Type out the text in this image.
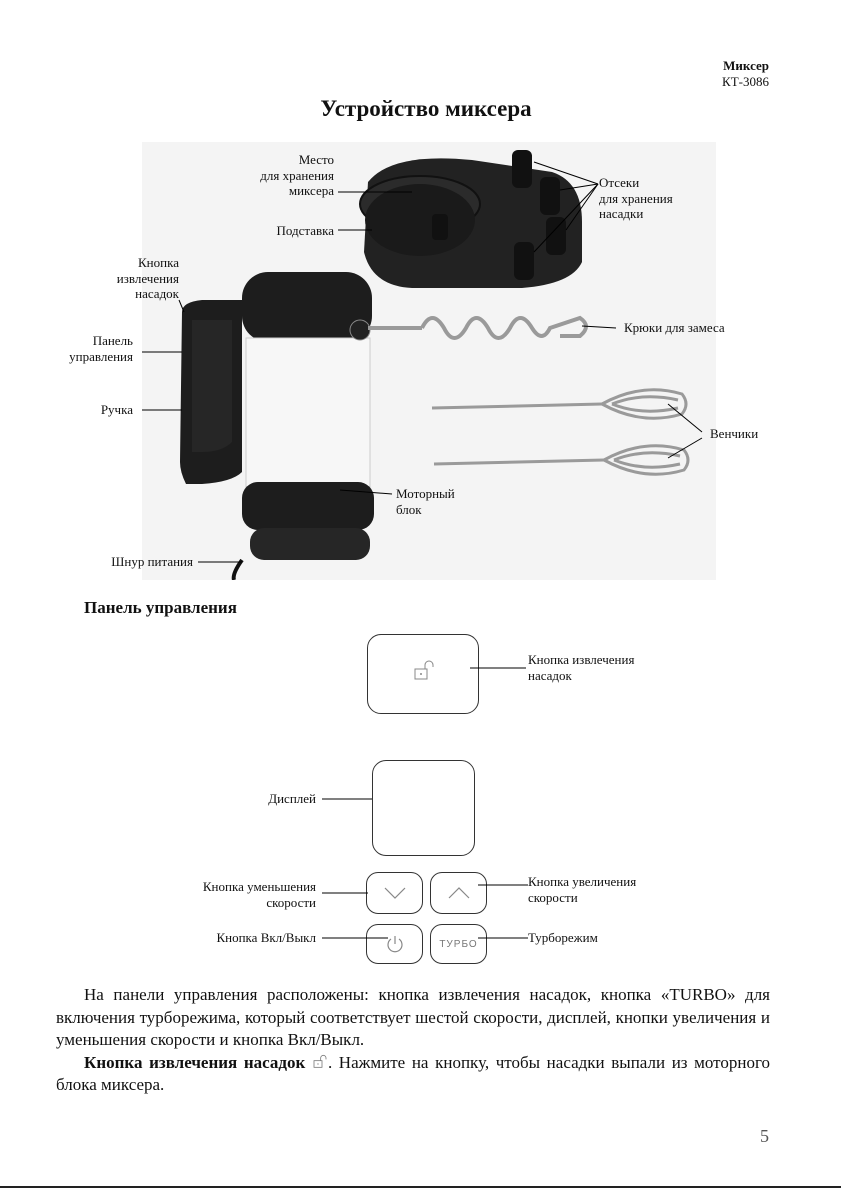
Миксер
КТ-3086
Устройство миксера
Место
для хранения
миксера
Подставка
Отсеки
для хранения
насадки
Кнопка
извлечения
насадок
Панель
управления
Крюки для замеса
Ручка
Венчики
Моторный
блок
Шнур питания
Панель управления
Кнопка извлечения
насадок
Дисплей
Кнопка уменьшения
скорости
Кнопка увеличения
скорости
ТУРБО
Кнопка Вкл/Выкл	Турборежим

На панели управления расположены: кнопка извлечения насадок, кнопка «TURBO» для включения турборежима, который соответствует шестой скорости, дисплей, кнопки увеличения и уменьшения скорости и кнопка Вкл/Выкл.

Кнопка извлечения насадок . Нажмите на кнопку, чтобы насадки выпали из моторного блока миксера.

5
